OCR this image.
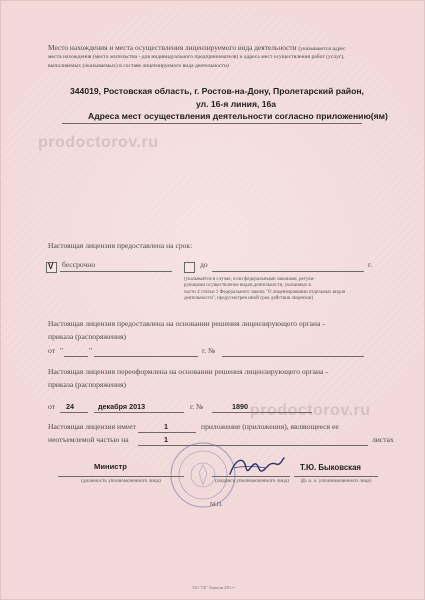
prodoctorov.ru
prodoctorov.ru
Место нахождения и места осуществления лицензируемого вида деятельности (указываются адрес
места нахождения (место жительства - для индивидуального предпринимателя) и адреса мест осуществления работ (услуг),
выполняемых (оказываемых) в составе лицензируемого вида деятельности)
344019, Ростовская область, г. Ростов-на-Дону, Пролетарский район,
ул. 16-я линия, 16а
Адреса мест осуществления деятельности согласно приложению(ям)
Настоящая лицензия предоставлена на срок:
V бессрочно	до	г.
(указывается в случае, если федеральными законами, регули-
рующими осуществление видов деятельности, указанных в
части 4 статьи 1 Федерального закона "О лицензировании отдельных видов
деятельности", предусмотрен иной срок действия лицензии)
Настоящая лицензия предоставлена на основании решения лицензирующего органа -
приказа (распоряжения)
от "	"	г. №
Настоящая лицензия переоформлена на основании решения лицензирующего органа -
приказа (распоряжения)
от 24	декабря 2013	г. №	1890
Настоящая лицензия имеет	1	приложение (приложения), являющееся ее
неотъемлемой частью на	1	листах
Министр
(должность уполномоченного лица)	(подпись уполномоченного лица)
Т.Ю. Быковская
(ф. и. о. уполномоченного лица)
М.П.
ЗАО "ЛК" Лицензия 2013 ••
